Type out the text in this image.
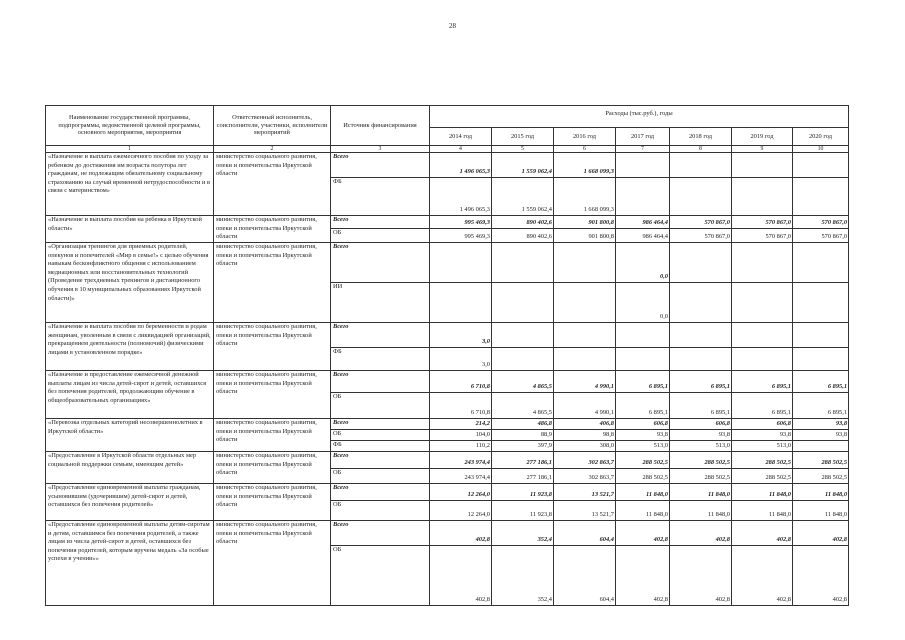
28
Наименование государственной программы, подпрограммы, ведомственной целевой программы, основного мероприятия, мероприятия	Ответственный исполнитель, соисполнители, участники, исполнители мероприятий	Источник финансирования	Расходы (тыс.руб.), годы						
			2014 год	2015 год	2016 год	2017 год	2018 год	2019 год	2020 год
1	2	3	4	5	6	7	8	9	10
«Назначение и выплата ежемесячного пособия по уходу за ребенком до достижения им возраста полутора лет гражданам, не подлежащим обязательному социальному страхованию на случай временной нетрудоспособности и в связи с материнством»	министерство социального развития, опеки и попечительства Иркутской области	Всего	1 496 065,3	1 559 062,4	1 668 099,3				
		ФБ	1 496 065,3	1 559 062,4	1 668 099,3				
«Назначение и выплата пособия на ребенка в Иркутской области»	министерство социального развития, опеки и попечительства Иркутской области	Всего	995 469,3	890 402,6	901 800,8	986 464,4	570 867,0	570 867,0	570 867,0
		ОБ	995 469,3	890 402,6	901 800,8	986 464,4	570 867,0	570 867,0	570 867,0
«Организация тренингов для приемных родителей, опекунов и попечителей «Мир в семье!» с целью обучения навыкам бесконфликтного общения с использованием медиационных или восстановительных технологий (Проведение трехдневных тренингов и дистанционного обучения в 10 муниципальных образованиях Иркутской области)»	министерство социального развития, опеки и попечительства Иркутской области	Всего				0,0			
		ИИ				0,0			
«Назначение и выплата пособия по беременности и родам женщинам, уволенным в связи с ликвидацией организаций, прекращением деятельности (полномочий) физическими лицами в установленном порядке»	министерство социального развития, опеки и попечительства Иркутской области	Всего	3,0						
		ФБ	3,0						
«Назначение и предоставление ежемесячной денежной выплаты лицам из числа детей-сирот и детей, оставшихся без попечения родителей, продолжающим обучение в общеобразовательных организациях»	министерство социального развития, опеки и попечительства Иркутской области	Всего	6 710,8	4 865,5	4 990,1	6 895,1	6 895,1	6 895,1	6 895,1
		ОБ	6 710,8	4 865,5	4 990,1	6 895,1	6 895,1	6 895,1	6 895,1
«Перевозка отдельных категорий несовершеннолетних в Иркутской области»	министерство социального развития, опеки и попечительства Иркутской области	Всего	214,2	486,8	406,8	606,8	606,8	606,8	93,8
		ОБ	104,0	88,9	98,8	93,8	93,8	93,8	93,8
		ФБ	110,2	397,9	308,0	513,0	513,0	513,0	
«Предоставление в Иркутской области отдельных мер социальной поддержки семьям, имеющим детей»	министерство социального развития, опеки и попечительства Иркутской области	Всего	243 974,4	277 186,1	302 863,7	288 502,5	288 502,5	288 502,5	288 502,5
		ОБ	243 974,4	277 186,1	302 863,7	288 502,5	288 502,5	288 502,5	288 502,5
«Предоставление единовременной выплаты гражданам, усыновившим (удочерившим) детей-сирот и детей, оставшихся без попечения родителей»	министерство социального развития, опеки и попечительства Иркутской области	Всего	12 264,0	11 923,8	13 521,7	11 848,0	11 848,0	11 848,0	11 848,0
		ОБ	12 264,0	11 923,8	13 521,7	11 848,0	11 848,0	11 848,0	11 848,0
«Предоставление единовременной выплаты детям-сиротам и детям, оставшимся без попечения родителей, а также лицам из числа детей-сирот и детей, оставшихся без попечения родителей, которым вручена медаль «За особые успехи в учении»»	министерство социального развития, опеки и попечительства Иркутской области	Всего	402,8	352,4	604,4	402,8	402,8	402,8	402,8
		ОБ	402,8	352,4	604,4	402,8	402,8	402,8	402,8
